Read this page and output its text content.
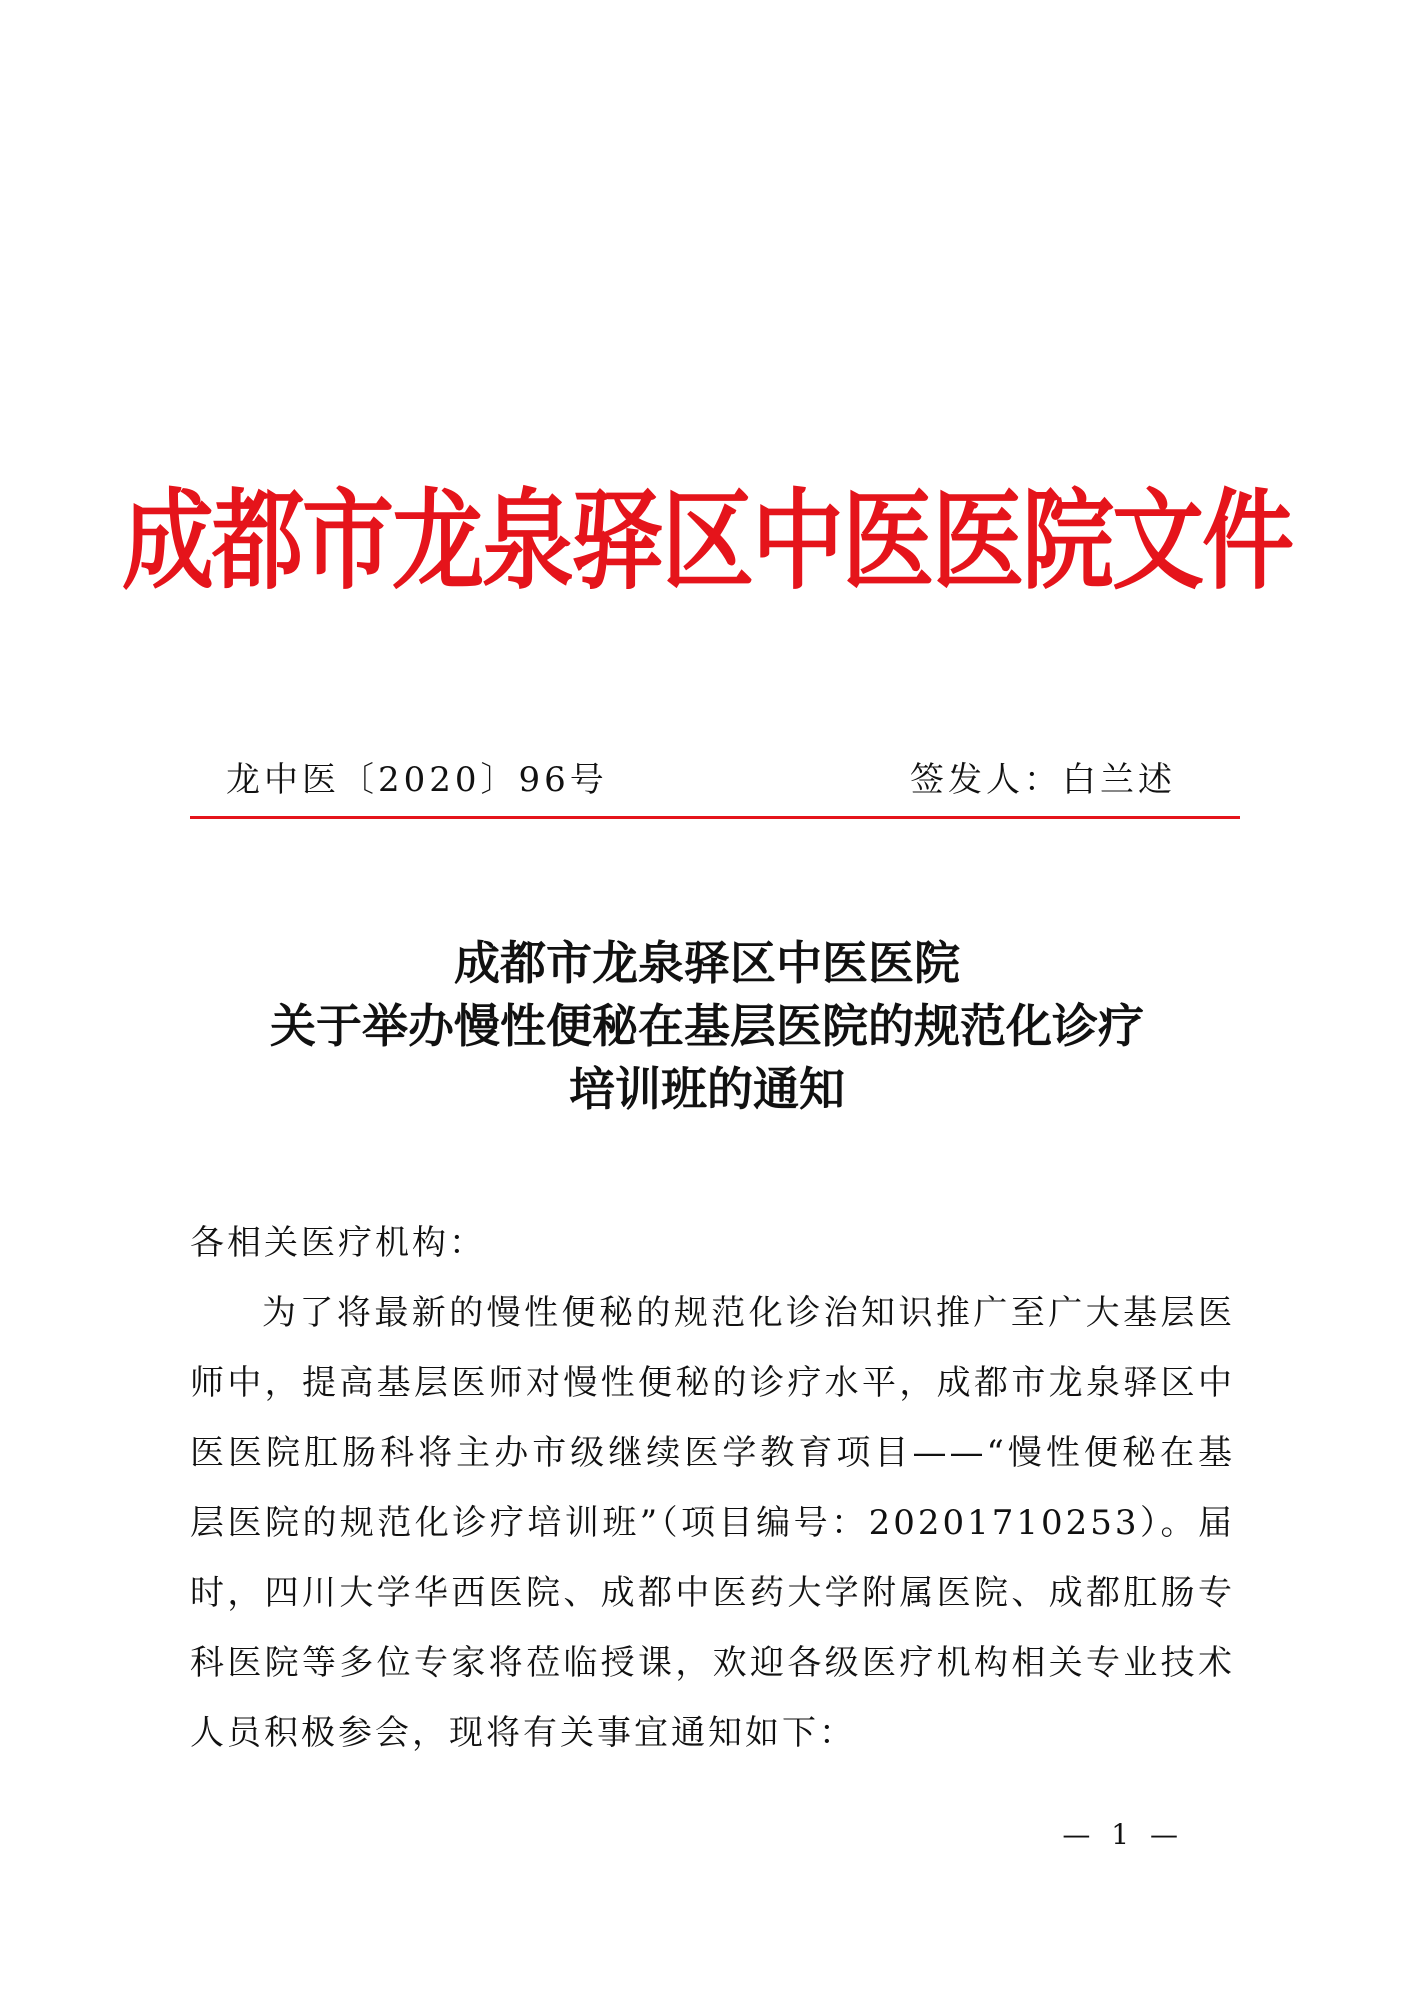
成都市龙泉驿区中医医院文件
龙中医〔2020〕96号	签发人：白兰述
成都市龙泉驿区中医医院
关于举办慢性便秘在基层医院的规范化诊疗
培训班的通知

各相关医疗机构：

为了将最新的慢性便秘的规范化诊治知识推广至广大基层医师中，提高基层医师对慢性便秘的诊疗水平，成都市龙泉驿区中医医院肛肠科将主办市级继续医学教育项目——“慢性便秘在基层医院的规范化诊疗培训班”（项目编号：20201710253）。届时，四川大学华西医院、成都中医药大学附属医院、成都肛肠专科医院等多位专家将莅临授课，欢迎各级医疗机构相关专业技术人员积极参会，现将有关事宜通知如下：

— 1 —
